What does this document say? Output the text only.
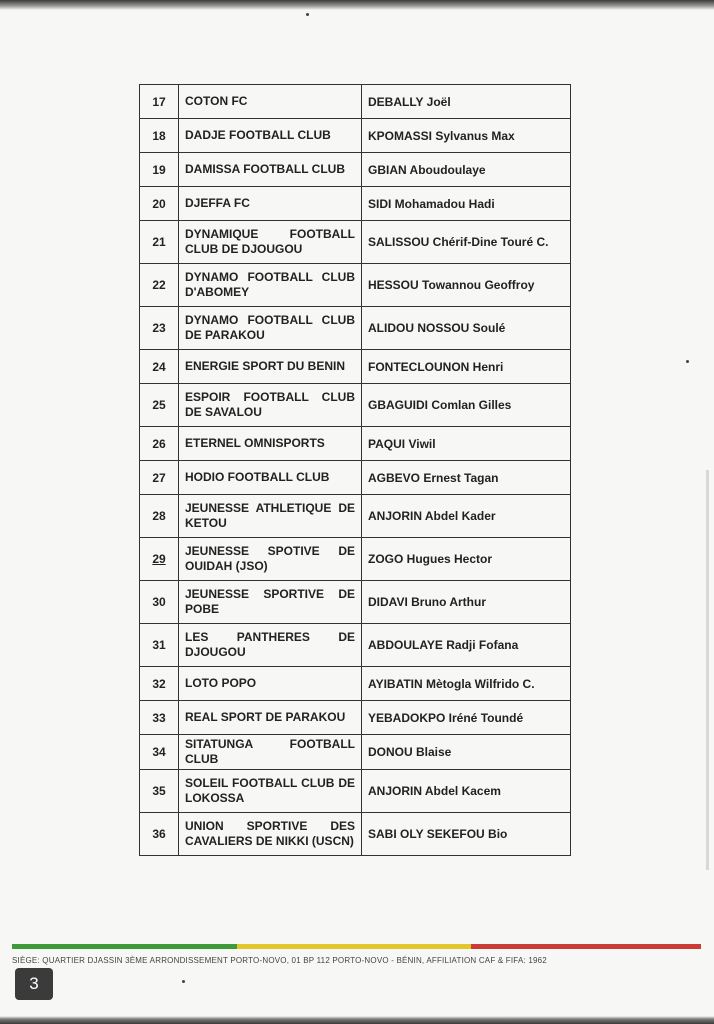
17	COTON FC	DEBALLY Joël
18	DADJE FOOTBALL CLUB	KPOMASSI Sylvanus Max
19	DAMISSA FOOTBALL CLUB	GBIAN Aboudoulaye
20	DJEFFA FC	SIDI Mohamadou Hadi
21	DYNAMIQUE FOOTBALL CLUB DE DJOUGOU	SALISSOU Chérif-Dine Touré C.
22	DYNAMO FOOTBALL CLUB D'ABOMEY	HESSOU Towannou Geoffroy
23	DYNAMO FOOTBALL CLUB DE PARAKOU	ALIDOU NOSSOU Soulé
24	ENERGIE SPORT DU BENIN	FONTECLOUNON Henri
25	ESPOIR FOOTBALL CLUB DE SAVALOU	GBAGUIDI Comlan Gilles
26	ETERNEL OMNISPORTS	PAQUI Viwil
27	HODIO FOOTBALL CLUB	AGBEVO Ernest Tagan
28	JEUNESSE ATHLETIQUE DE KETOU	ANJORIN Abdel Kader
29	JEUNESSE SPOTIVE DE OUIDAH (JSO)	ZOGO Hugues Hector
30	JEUNESSE SPORTIVE DE POBE	DIDAVI Bruno Arthur
31	LES PANTHERES DE DJOUGOU	ABDOULAYE Radji Fofana
32	LOTO POPO	AYIBATIN Mètogla Wilfrido C.
33	REAL SPORT DE PARAKOU	YEBADOKPO Iréné Toundé
34	SITATUNGA FOOTBALL CLUB	DONOU Blaise
35	SOLEIL FOOTBALL CLUB DE LOKOSSA	ANJORIN Abdel Kacem
36	UNION SPORTIVE DES CAVALIERS DE NIKKI (USCN)	SABI OLY SEKEFOU Bio
SIÈGE: QUARTIER DJASSIN 3ÈME ARRONDISSEMENT PORTO-NOVO, 01 BP 112 PORTO-NOVO - BÉNIN, AFFILIATION CAF & FIFA: 1962
3
